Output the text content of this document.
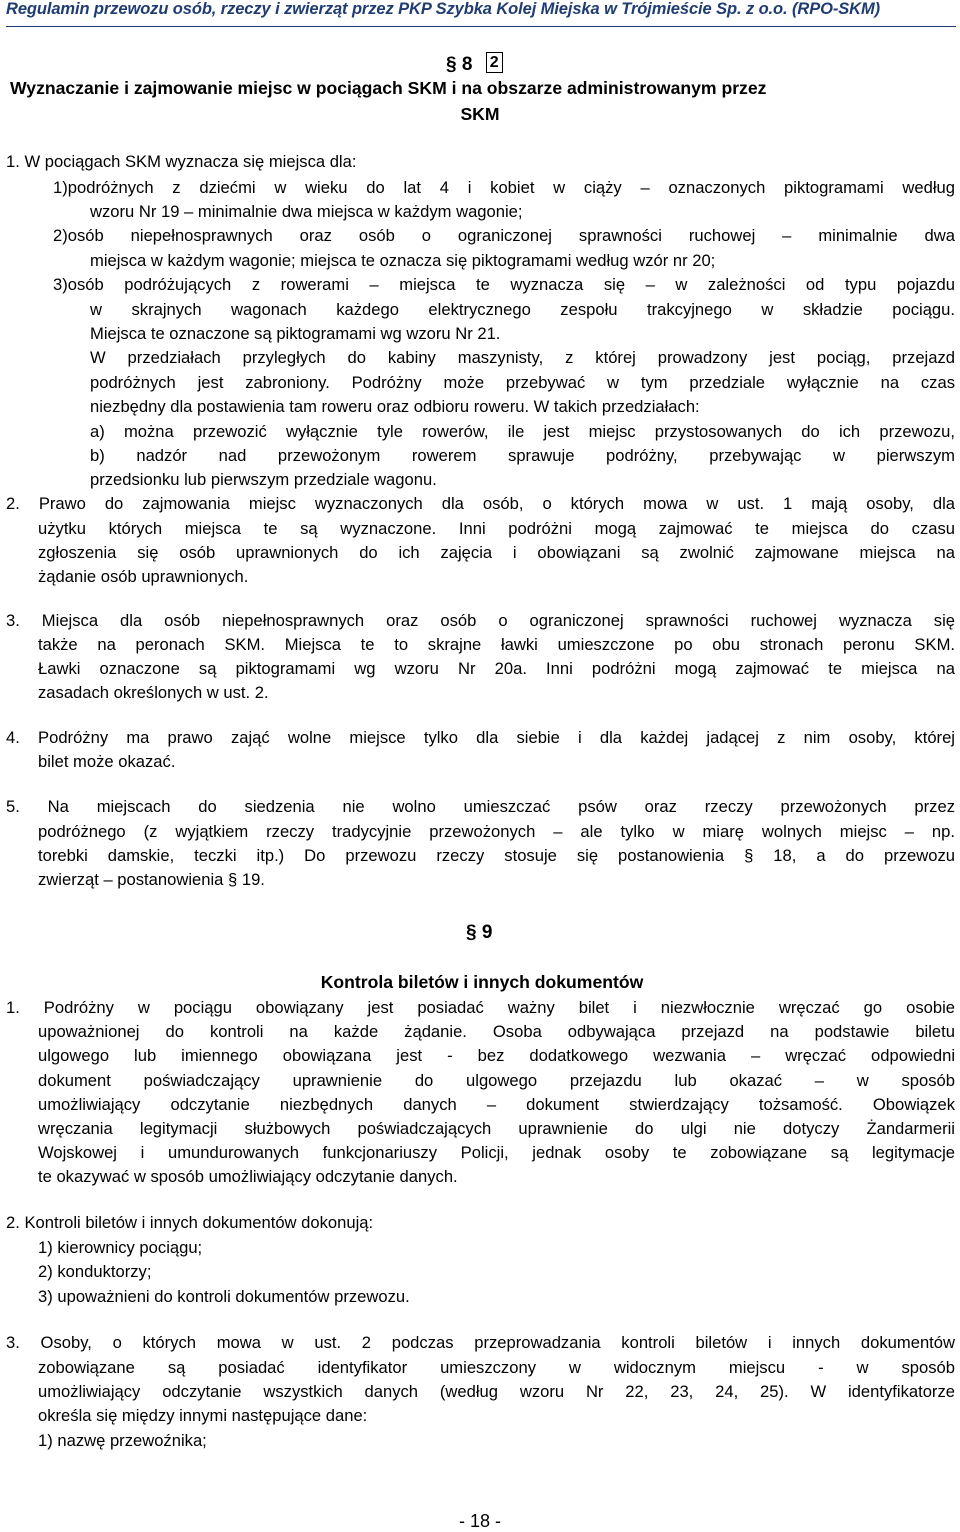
Regulamin przewozu osób, rzeczy i zwierząt przez PKP Szybka Kolej Miejska w Trójmieście Sp. z o.o. (RPO-SKM)
§ 8 2
Wyznaczanie i zajmowanie miejsc w pociągach SKM i na obszarze administrowanym przez
SKM
1. W pociągach SKM wyznacza się miejsca dla:
1)podróżnych z dziećmi w wieku do lat 4 i kobiet w ciąży – oznaczonych piktogramami według
wzoru Nr 19 – minimalnie dwa miejsca w każdym wagonie;
2)osób niepełnosprawnych oraz osób o ograniczonej sprawności ruchowej – minimalnie dwa
miejsca w każdym wagonie; miejsca te oznacza się piktogramami według wzór nr 20;
3)osób podróżujących z rowerami – miejsca te wyznacza się – w zależności od typu pojazdu
w skrajnych wagonach każdego elektrycznego zespołu trakcyjnego w składzie pociągu.
Miejsca te oznaczone są piktogramami wg wzoru Nr 21.
W przedziałach przyległych do kabiny maszynisty, z której prowadzony jest pociąg, przejazd
podróżnych jest zabroniony. Podróżny może przebywać w tym przedziale wyłącznie na czas
niezbędny dla postawienia tam roweru oraz odbioru roweru. W takich przedziałach:
a) można przewozić wyłącznie tyle rowerów, ile jest miejsc przystosowanych do ich przewozu,
b) nadzór nad przewożonym rowerem sprawuje podróżny, przebywając w pierwszym
przedsionku lub pierwszym przedziale wagonu.
2. Prawo do zajmowania miejsc wyznaczonych dla osób, o których mowa w ust. 1 mają osoby, dla
użytku których miejsca te są wyznaczone. Inni podróżni mogą zajmować te miejsca do czasu
zgłoszenia się osób uprawnionych do ich zajęcia i obowiązani są zwolnić zajmowane miejsca na
żądanie osób uprawnionych.
3. Miejsca dla osób niepełnosprawnych oraz osób o ograniczonej sprawności ruchowej wyznacza się
także na peronach SKM. Miejsca te to skrajne ławki umieszczone po obu stronach peronu SKM.
Ławki oznaczone są piktogramami wg wzoru Nr 20a. Inni podróżni mogą zajmować te miejsca na
zasadach określonych w ust. 2.
4. Podróżny ma prawo zająć wolne miejsce tylko dla siebie i dla każdej jadącej z nim osoby, której
bilet może okazać.
5. Na miejscach do siedzenia nie wolno umieszczać psów oraz rzeczy przewożonych przez
podróżnego (z wyjątkiem rzeczy tradycyjnie przewożonych – ale tylko w miarę wolnych miejsc – np.
torebki damskie, teczki itp.) Do przewozu rzeczy stosuje się postanowienia § 18, a do przewozu
zwierząt – postanowienia § 19.
§ 9
Kontrola biletów i innych dokumentów
1. Podróżny w pociągu obowiązany jest posiadać ważny bilet i niezwłocznie wręczać go osobie
upoważnionej do kontroli na każde żądanie. Osoba odbywająca przejazd na podstawie biletu
ulgowego lub imiennego obowiązana jest - bez dodatkowego wezwania – wręczać odpowiedni
dokument poświadczający uprawnienie do ulgowego przejazdu lub okazać – w sposób
umożliwiający odczytanie niezbędnych danych – dokument stwierdzający tożsamość. Obowiązek
wręczania legitymacji służbowych poświadczających uprawnienie do ulgi nie dotyczy Żandarmerii
Wojskowej i umundurowanych funkcjonariuszy Policji, jednak osoby te zobowiązane są legitymacje
te okazywać w sposób umożliwiający odczytanie danych.
2. Kontroli biletów i innych dokumentów dokonują:
1) kierownicy pociągu;
2) konduktorzy;
3) upoważnieni do kontroli dokumentów przewozu.
3. Osoby, o których mowa w ust. 2 podczas przeprowadzania kontroli biletów i innych dokumentów
zobowiązane są posiadać identyfikator umieszczony w widocznym miejscu - w sposób
umożliwiający odczytanie wszystkich danych (według wzoru Nr 22, 23, 24, 25). W identyfikatorze
określa się między innymi następujące dane:
1) nazwę przewoźnika;
- 18 -
